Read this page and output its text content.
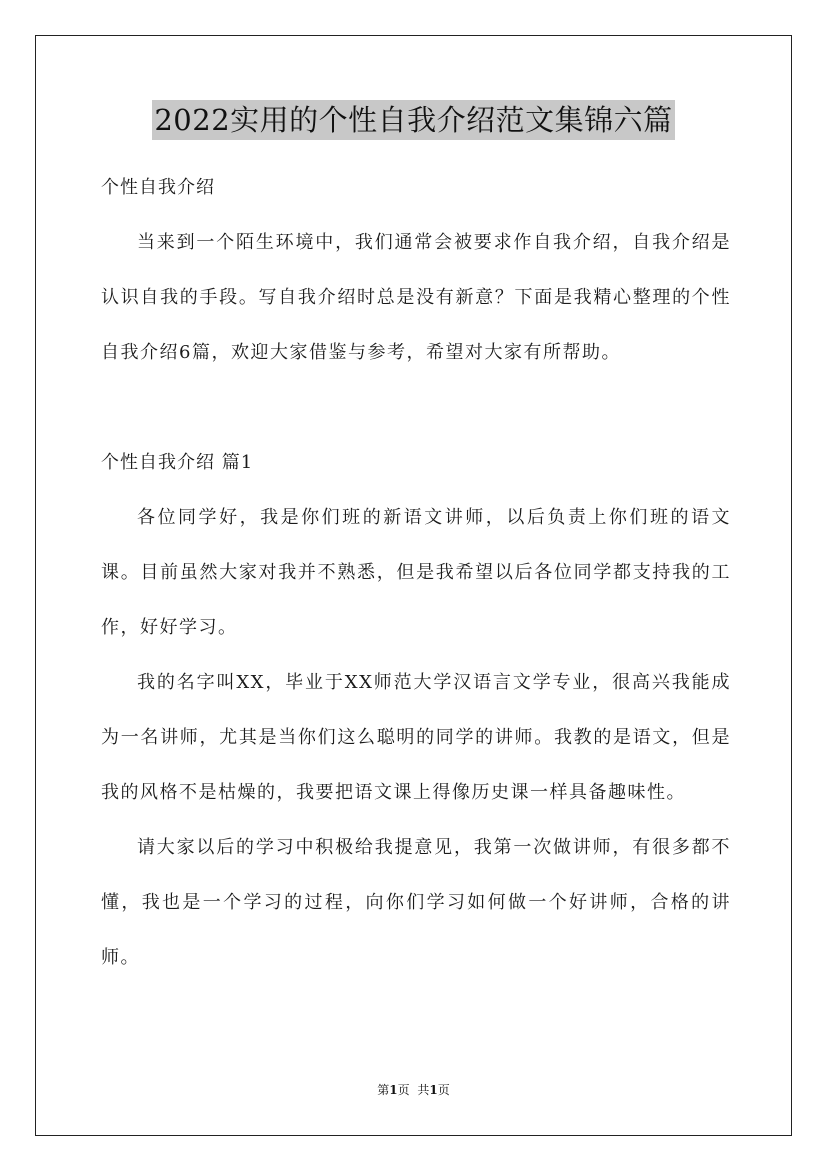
2022实用的个性自我介绍范文集锦六篇
个性自我介绍

当来到一个陌生环境中，我们通常会被要求作自我介绍，自我介绍是认识自我的手段。写自我介绍时总是没有新意？下面是我精心整理的个性自我介绍6篇，欢迎大家借鉴与参考，希望对大家有所帮助。

个性自我介绍 篇1

各位同学好，我是你们班的新语文讲师，以后负责上你们班的语文课。目前虽然大家对我并不熟悉，但是我希望以后各位同学都支持我的工作，好好学习。

我的名字叫XX，毕业于XX师范大学汉语言文学专业，很高兴我能成为一名讲师，尤其是当你们这么聪明的同学的讲师。我教的是语文，但是我的风格不是枯燥的，我要把语文课上得像历史课一样具备趣味性。

请大家以后的学习中积极给我提意见，我第一次做讲师，有很多都不懂，我也是一个学习的过程，向你们学习如何做一个好讲师，合格的讲师。

第1页 共1页
